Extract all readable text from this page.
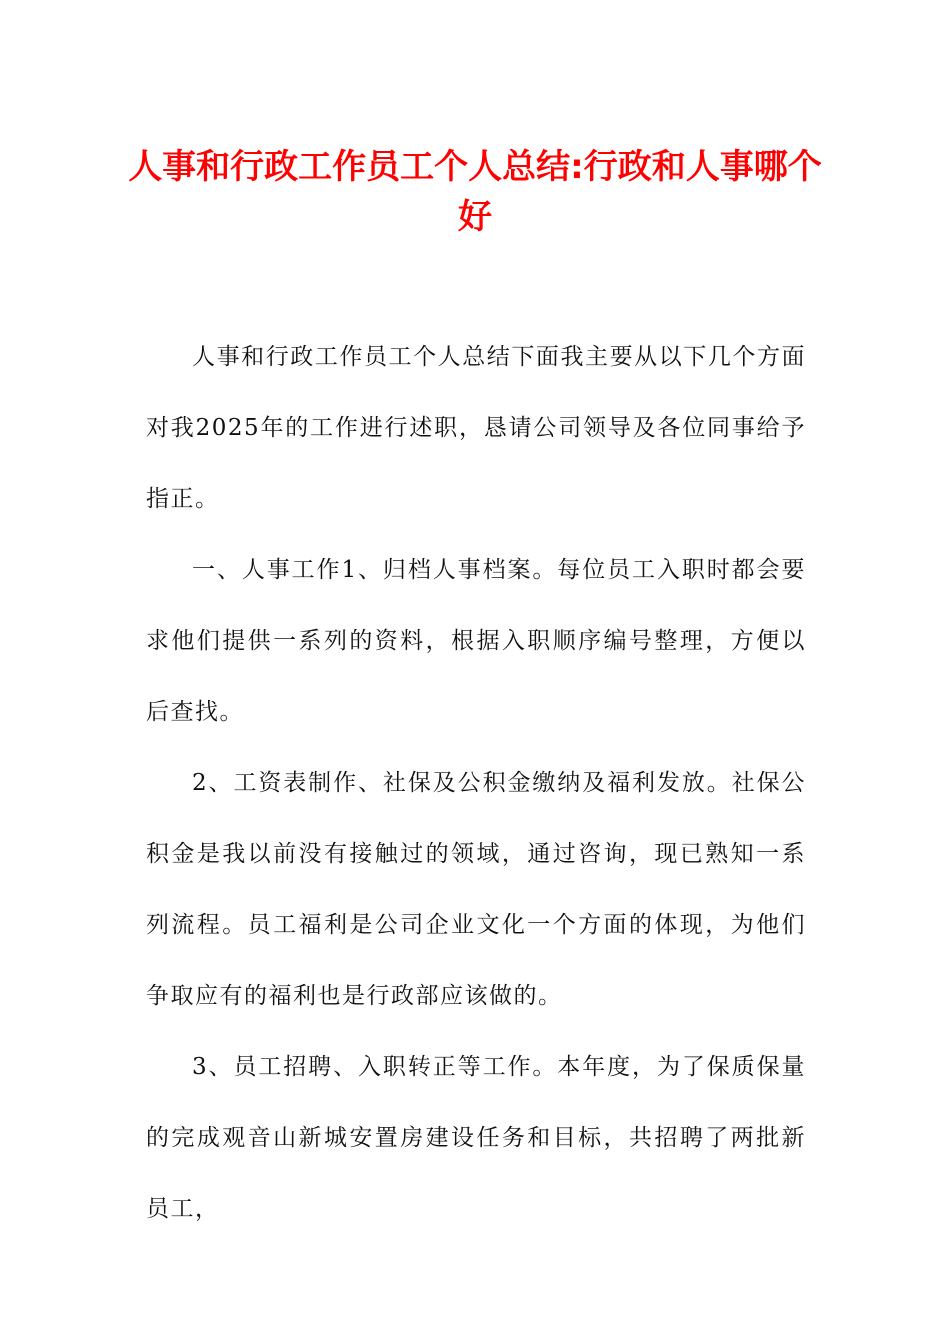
人事和行政工作员工个人总结:行政和人事哪个好

人事和行政工作员工个人总结下面我主要从以下几个方面对我2025年的工作进行述职，恳请公司领导及各位同事给予指正。

一、人事工作1、归档人事档案。每位员工入职时都会要求他们提供一系列的资料，根据入职顺序编号整理，方便以后查找。

2、工资表制作、社保及公积金缴纳及福利发放。社保公积金是我以前没有接触过的领域，通过咨询，现已熟知一系列流程。员工福利是公司企业文化一个方面的体现，为他们争取应有的福利也是行政部应该做的。

3、员工招聘、入职转正等工作。本年度，为了保质保量的完成观音山新城安置房建设任务和目标，共招聘了两批新员工，
